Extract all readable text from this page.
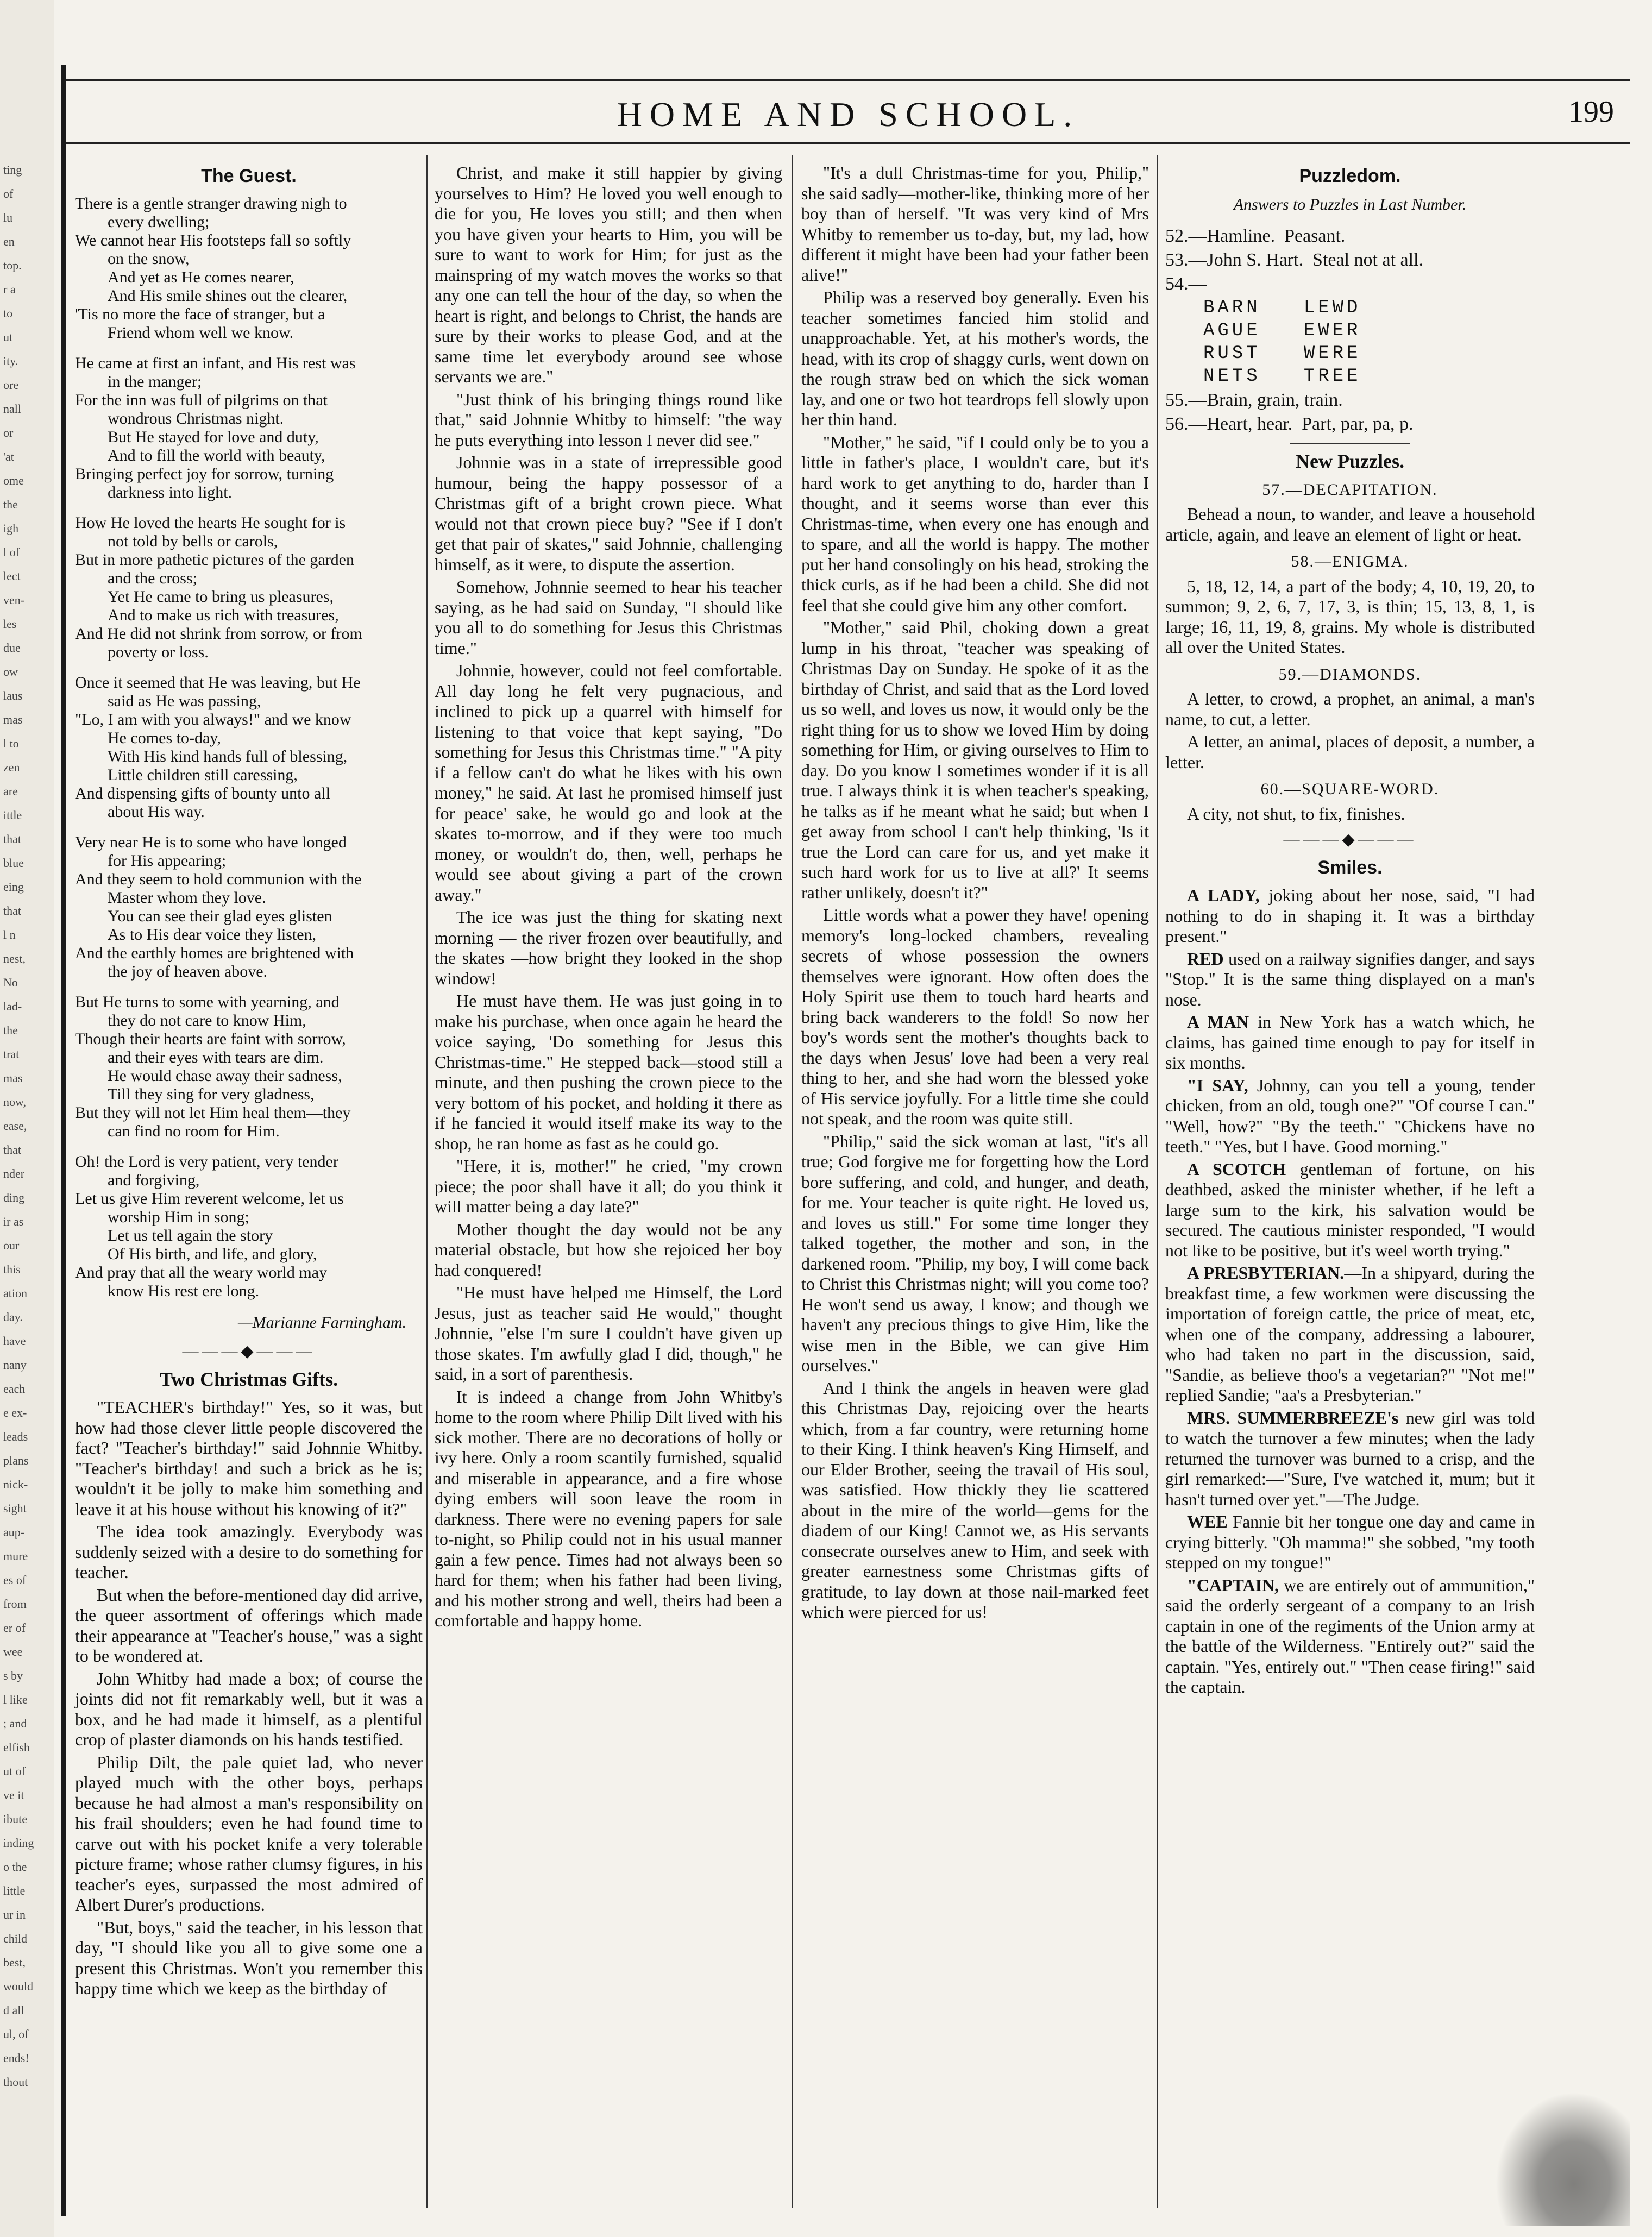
ting
of
lu
en
top.
r a
to
ut
ity.
ore
nall
or
'at
ome
the
igh
l of
lect
ven-
les
due
ow
laus
mas
l to
zen
are
ittle
that
blue
eing
that
l n
nest,
No
lad-
the
trat
mas
now,
ease,
that
nder
ding
ir as
our
this
ation
day.
have
nany
each
e ex-
leads
plans
nick-
sight
aup-
mure
es of
from
er of
wee
s by
l like
; and
elfish
ut of
ve it
ibute
inding
o the
little
ur in
child
best,
would
d all
ul, of
ends!
thout
HOME AND SCHOOL.	199
The Guest.
There is a gentle stranger drawing nigh to
every dwelling;
We cannot hear His footsteps fall so softly
on the snow,
And yet as He comes nearer,
And His smile shines out the clearer,
'Tis no more the face of stranger, but a
Friend whom well we know.
He came at first an infant, and His rest was
in the manger;
For the inn was full of pilgrims on that
wondrous Christmas night.
But He stayed for love and duty,
And to fill the world with beauty,
Bringing perfect joy for sorrow, turning
darkness into light.
How He loved the hearts He sought for is
not told by bells or carols,
But in more pathetic pictures of the garden
and the cross;
Yet He came to bring us pleasures,
And to make us rich with treasures,
And He did not shrink from sorrow, or from
poverty or loss.
Once it seemed that He was leaving, but He
said as He was passing,
"Lo, I am with you always!" and we know
He comes to-day,
With His kind hands full of blessing,
Little children still caressing,
And dispensing gifts of bounty unto all
about His way.
Very near He is to some who have longed
for His appearing;
And they seem to hold communion with the
Master whom they love.
You can see their glad eyes glisten
As to His dear voice they listen,
And the earthly homes are brightened with
the joy of heaven above.
But He turns to some with yearning, and
they do not care to know Him,
Though their hearts are faint with sorrow,
and their eyes with tears are dim.
He would chase away their sadness,
Till they sing for very gladness,
But they will not let Him heal them—they
can find no room for Him.
Oh! the Lord is very patient, very tender
and forgiving,
Let us give Him reverent welcome, let us
worship Him in song;
Let us tell again the story
Of His birth, and life, and glory,
And pray that all the weary world may
know His rest ere long.
—Marianne Farningham.
———◆———
Two Christmas Gifts.

"TEACHER's birthday!" Yes, so it was, but how had those clever little people discovered the fact? "Teacher's birthday!" said Johnnie Whitby. "Teacher's birthday! and such a brick as he is; wouldn't it be jolly to make him something and leave it at his house without his knowing of it?"

The idea took amazingly. Everybody was suddenly seized with a desire to do something for teacher.

But when the before-mentioned day did arrive, the queer assortment of offerings which made their appearance at "Teacher's house," was a sight to be wondered at.

John Whitby had made a box; of course the joints did not fit remarkably well, but it was a box, and he had made it himself, as a plentiful crop of plaster diamonds on his hands testified.

Philip Dilt, the pale quiet lad, who never played much with the other boys, perhaps because he had almost a man's responsibility on his frail shoulders; even he had found time to carve out with his pocket knife a very tolerable picture frame; whose rather clumsy figures, in his teacher's eyes, surpassed the most admired of Albert Durer's productions.

"But, boys," said the teacher, in his lesson that day, "I should like you all to give some one a present this Christmas. Won't you remember this happy time which we keep as the birthday of

Christ, and make it still happier by giving yourselves to Him? He loved you well enough to die for you, He loves you still; and then when you have given your hearts to Him, you will be sure to want to work for Him; for just as the mainspring of my watch moves the works so that any one can tell the hour of the day, so when the heart is right, and belongs to Christ, the hands are sure by their works to please God, and at the same time let everybody around see whose servants we are."

"Just think of his bringing things round like that," said Johnnie Whitby to himself: "the way he puts everything into lesson I never did see."

Johnnie was in a state of irrepressible good humour, being the happy possessor of a Christmas gift of a bright crown piece. What would not that crown piece buy? "See if I don't get that pair of skates," said Johnnie, challenging himself, as it were, to dispute the assertion.

Somehow, Johnnie seemed to hear his teacher saying, as he had said on Sunday, "I should like you all to do something for Jesus this Christmas time."

Johnnie, however, could not feel comfortable. All day long he felt very pugnacious, and inclined to pick up a quarrel with himself for listening to that voice that kept saying, "Do something for Jesus this Christmas time." "A pity if a fellow can't do what he likes with his own money," he said. At last he promised himself just for peace' sake, he would go and look at the skates to-morrow, and if they were too much money, or wouldn't do, then, well, perhaps he would see about giving a part of the crown away."

The ice was just the thing for skating next morning — the river frozen over beautifully, and the skates —how bright they looked in the shop window!

He must have them. He was just going in to make his purchase, when once again he heard the voice saying, 'Do something for Jesus this Christmas-time." He stepped back—stood still a minute, and then pushing the crown piece to the very bottom of his pocket, and holding it there as if he fancied it would itself make its way to the shop, he ran home as fast as he could go.

"Here, it is, mother!" he cried, "my crown piece; the poor shall have it all; do you think it will matter being a day late?"

Mother thought the day would not be any material obstacle, but how she rejoiced her boy had conquered!

"He must have helped me Himself, the Lord Jesus, just as teacher said He would," thought Johnnie, "else I'm sure I couldn't have given up those skates. I'm awfully glad I did, though," he said, in a sort of parenthesis.

It is indeed a change from John Whitby's home to the room where Philip Dilt lived with his sick mother. There are no decorations of holly or ivy here. Only a room scantily furnished, squalid and miserable in appearance, and a fire whose dying embers will soon leave the room in darkness. There were no evening papers for sale to-night, so Philip could not in his usual manner gain a few pence. Times had not always been so hard for them; when his father had been living, and his mother strong and well, theirs had been a comfortable and happy home.

"It's a dull Christmas-time for you, Philip," she said sadly—mother-like, thinking more of her boy than of herself. "It was very kind of Mrs Whitby to remember us to-day, but, my lad, how different it might have been had your father been alive!"

Philip was a reserved boy generally. Even his teacher sometimes fancied him stolid and unapproachable. Yet, at his mother's words, the head, with its crop of shaggy curls, went down on the rough straw bed on which the sick woman lay, and one or two hot teardrops fell slowly upon her thin hand.

"Mother," he said, "if I could only be to you a little in father's place, I wouldn't care, but it's hard work to get anything to do, harder than I thought, and it seems worse than ever this Christmas-time, when every one has enough and to spare, and all the world is happy. The mother put her hand consolingly on his head, stroking the thick curls, as if he had been a child. She did not feel that she could give him any other comfort.

"Mother," said Phil, choking down a great lump in his throat, "teacher was speaking of Christmas Day on Sunday. He spoke of it as the birthday of Christ, and said that as the Lord loved us so well, and loves us now, it would only be the right thing for us to show we loved Him by doing something for Him, or giving ourselves to Him to day. Do you know I sometimes wonder if it is all true. I always think it is when teacher's speaking, he talks as if he meant what he said; but when I get away from school I can't help thinking, 'Is it true the Lord can care for us, and yet make it such hard work for us to live at all?' It seems rather unlikely, doesn't it?"

Little words what a power they have! opening memory's long-locked chambers, revealing secrets of whose possession the owners themselves were ignorant. How often does the Holy Spirit use them to touch hard hearts and bring back wanderers to the fold! So now her boy's words sent the mother's thoughts back to the days when Jesus' love had been a very real thing to her, and she had worn the blessed yoke of His service joyfully. For a little time she could not speak, and the room was quite still.

"Philip," said the sick woman at last, "it's all true; God forgive me for forgetting how the Lord bore suffering, and cold, and hunger, and death, for me. Your teacher is quite right. He loved us, and loves us still." For some time longer they talked together, the mother and son, in the darkened room. "Philip, my boy, I will come back to Christ this Christmas night; will you come too? He won't send us away, I know; and though we haven't any precious things to give Him, like the wise men in the Bible, we can give Him ourselves."

And I think the angels in heaven were glad this Christmas Day, rejoicing over the hearts which, from a far country, were returning home to their King. I think heaven's King Himself, and our Elder Brother, seeing the travail of His soul, was satisfied. How thickly they lie scattered about in the mire of the world—gems for the diadem of our King! Cannot we, as His servants consecrate ourselves anew to Him, and seek with greater earnestness some Christmas gifts of gratitude, to lay down at those nail-marked feet which were pierced for us!

Puzzledom.
Answers to Puzzles in Last Number.
52.—Hamline.  Peasant.
53.—John S. Hart.  Steal not at all.
54.—
BARN   LEWD
AGUE   EWER
RUST   WERE
NETS   TREE
55.—Brain, grain, train.
56.—Heart, hear.  Part, par, pa, p.
New Puzzles.
57.—DECAPITATION.

Behead a noun, to wander, and leave a household article, again, and leave an element of light or heat.

58.—ENIGMA.

5, 18, 12, 14, a part of the body; 4, 10, 19, 20, to summon; 9, 2, 6, 7, 17, 3, is thin; 15, 13, 8, 1, is large; 16, 11, 19, 8, grains. My whole is distributed all over the United States.

59.—DIAMONDS.

A letter, to crowd, a prophet, an animal, a man's name, to cut, a letter.

A letter, an animal, places of deposit, a number, a letter.

60.—SQUARE-WORD.

A city, not shut, to fix, finishes.

———◆———
Smiles.

A LADY, joking about her nose, said, "I had nothing to do in shaping it. It was a birthday present."

RED used on a railway signifies danger, and says "Stop." It is the same thing displayed on a man's nose.

A MAN in New York has a watch which, he claims, has gained time enough to pay for itself in six months.

"I SAY, Johnny, can you tell a young, tender chicken, from an old, tough one?" "Of course I can." "Well, how?" "By the teeth." "Chickens have no teeth." "Yes, but I have. Good morning."

A SCOTCH gentleman of fortune, on his deathbed, asked the minister whether, if he left a large sum to the kirk, his salvation would be secured. The cautious minister responded, "I would not like to be positive, but it's weel worth trying."

A PRESBYTERIAN.—In a shipyard, during the breakfast time, a few workmen were discussing the importation of foreign cattle, the price of meat, etc, when one of the company, addressing a labourer, who had taken no part in the discussion, said, "Sandie, as believe thoo's a vegetarian?" "Not me!" replied Sandie; "aa's a Presbyterian."

MRS. SUMMERBREEZE's new girl was told to watch the turnover a few minutes; when the lady returned the turnover was burned to a crisp, and the girl remarked:—"Sure, I've watched it, mum; but it hasn't turned over yet."—The Judge.

WEE Fannie bit her tongue one day and came in crying bitterly. "Oh mamma!" she sobbed, "my tooth stepped on my tongue!"

"CAPTAIN, we are entirely out of ammunition," said the orderly sergeant of a company to an Irish captain in one of the regiments of the Union army at the battle of the Wilderness. "Entirely out?" said the captain. "Yes, entirely out." "Then cease firing!" said the captain.
